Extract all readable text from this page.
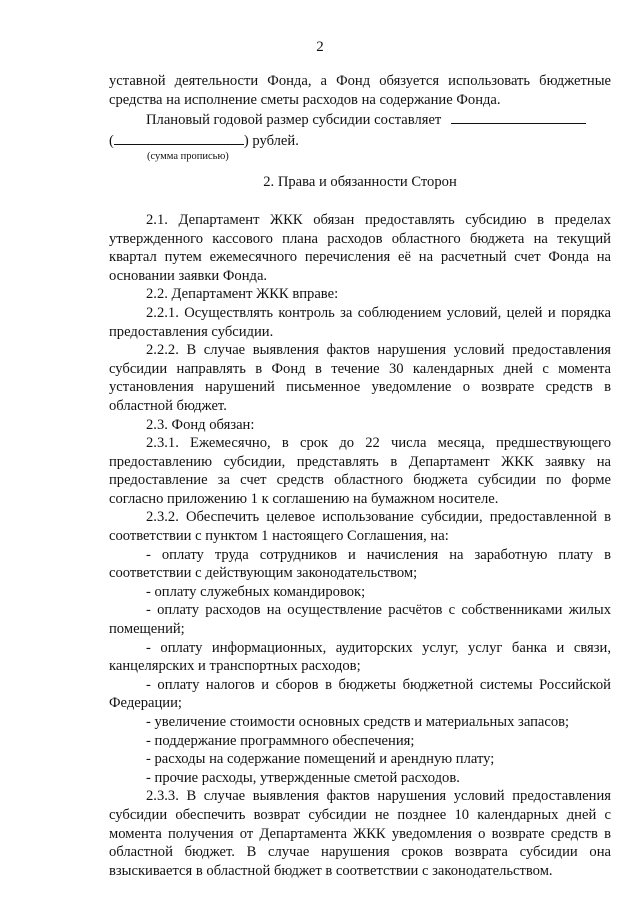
2

уставной деятельности Фонда, а Фонд обязуется использовать бюджетные средства на исполнение сметы расходов на содержание Фонда.

Плановый годовой размер субсидии составляет

(	) рублей.

(сумма прописью)

2. Права и обязанности Сторон

2.1. Департамент ЖКК обязан предоставлять субсидию в пределах утвержденного кассового плана расходов областного бюджета на текущий квартал путем ежемесячного перечисления её на расчетный счет Фонда на основании заявки Фонда.

2.2. Департамент ЖКК вправе:

2.2.1. Осуществлять контроль за соблюдением условий, целей и порядка предоставления субсидии.

2.2.2. В случае выявления фактов нарушения условий предоставления субсидии направлять в Фонд в течение 30 календарных дней с момента установления нарушений письменное уведомление о возврате средств в областной бюджет.

2.3. Фонд обязан:

2.3.1. Ежемесячно, в срок до 22 числа месяца, предшествующего предоставлению субсидии, представлять в Департамент ЖКК заявку на предоставление за счет средств областного бюджета субсидии по форме согласно приложению 1 к соглашению на бумажном носителе.

2.3.2. Обеспечить целевое использование субсидии, предоставленной в соответствии с пунктом 1 настоящего Соглашения, на:

- оплату труда сотрудников и начисления на заработную плату в соответствии с действующим законодательством;

- оплату служебных командировок;

- оплату расходов на осуществление расчётов с собственниками жилых помещений;

- оплату информационных, аудиторских услуг, услуг банка и связи, канцелярских и транспортных расходов;

- оплату налогов и сборов в бюджеты бюджетной системы Российской Федерации;

- увеличение стоимости основных средств и материальных запасов;

- поддержание программного обеспечения;

- расходы на содержание помещений и арендную плату;

- прочие расходы, утвержденные сметой расходов.

2.3.3. В случае выявления фактов нарушения условий предоставления субсидии обеспечить возврат субсидии не позднее 10 календарных дней с момента получения от Департамента ЖКК уведомления о возврате средств в областной бюджет. В случае нарушения сроков возврата субсидии она взыскивается в областной бюджет в соответствии с законодательством.
